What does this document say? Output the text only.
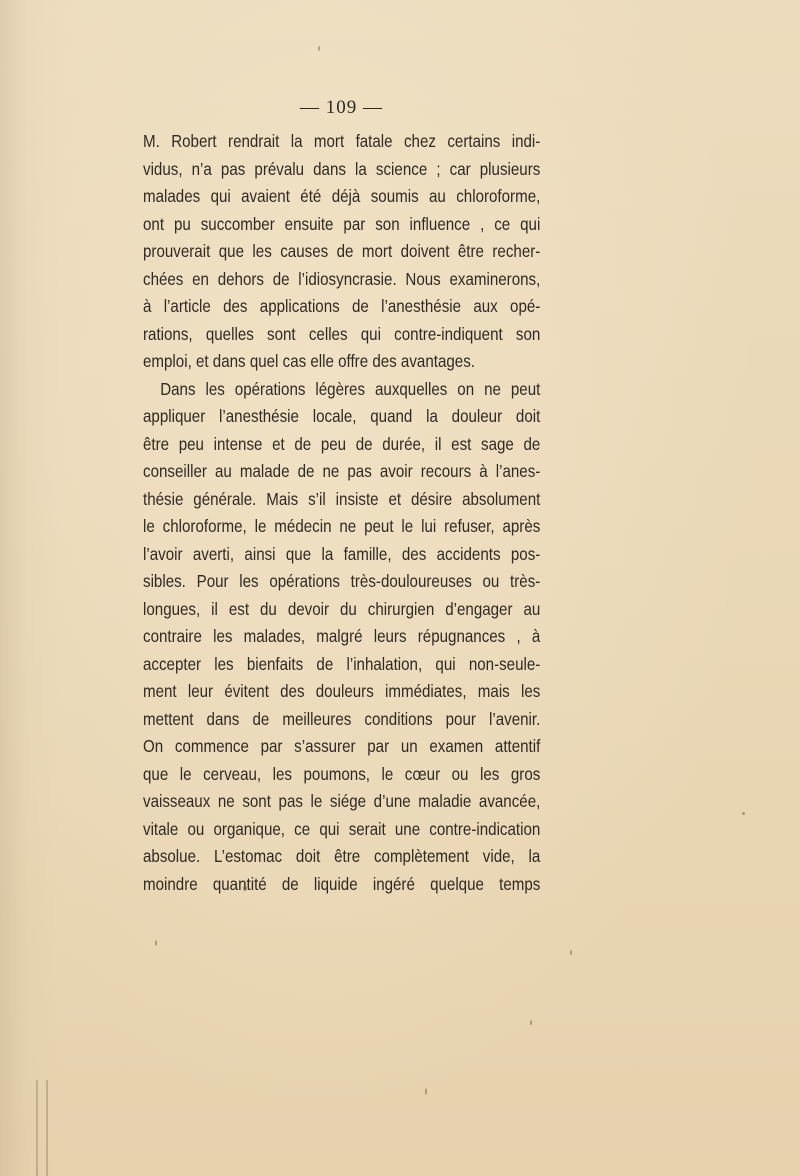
— 109 —
M. Robert rendrait la mort fatale chez certains indi-
vidus, n’a pas prévalu dans la science ; car plusieurs
malades qui avaient été déjà soumis au chloroforme,
ont pu succomber ensuite par son influence , ce qui
prouverait que les causes de mort doivent être recher-
chées en dehors de l’idiosyncrasie. Nous examinerons,
à l’article des applications de l’anesthésie aux opé-
rations, quelles sont celles qui contre-indiquent son
emploi, et dans quel cas elle offre des avantages.
Dans les opérations légères auxquelles on ne peut
appliquer l’anesthésie locale, quand la douleur doit
être peu intense et de peu de durée, il est sage de
conseiller au malade de ne pas avoir recours à l’anes-
thésie générale. Mais s’il insiste et désire absolument
le chloroforme, le médecin ne peut le lui refuser, après
l’avoir averti, ainsi que la famille, des accidents pos-
sibles. Pour les opérations très-douloureuses ou très-
longues, il est du devoir du chirurgien d’engager au
contraire les malades, malgré leurs répugnances , à
accepter les bienfaits de l’inhalation, qui non-seule-
ment leur évitent des douleurs immédiates, mais les
mettent dans de meilleures conditions pour l’avenir.
On commence par s’assurer par un examen attentif
que le cerveau, les poumons, le cœur ou les gros
vaisseaux ne sont pas le siége d’une maladie avancée,
vitale ou organique, ce qui serait une contre-indication
absolue. L’estomac doit être complètement vide, la
moindre quantité de liquide ingéré quelque temps
